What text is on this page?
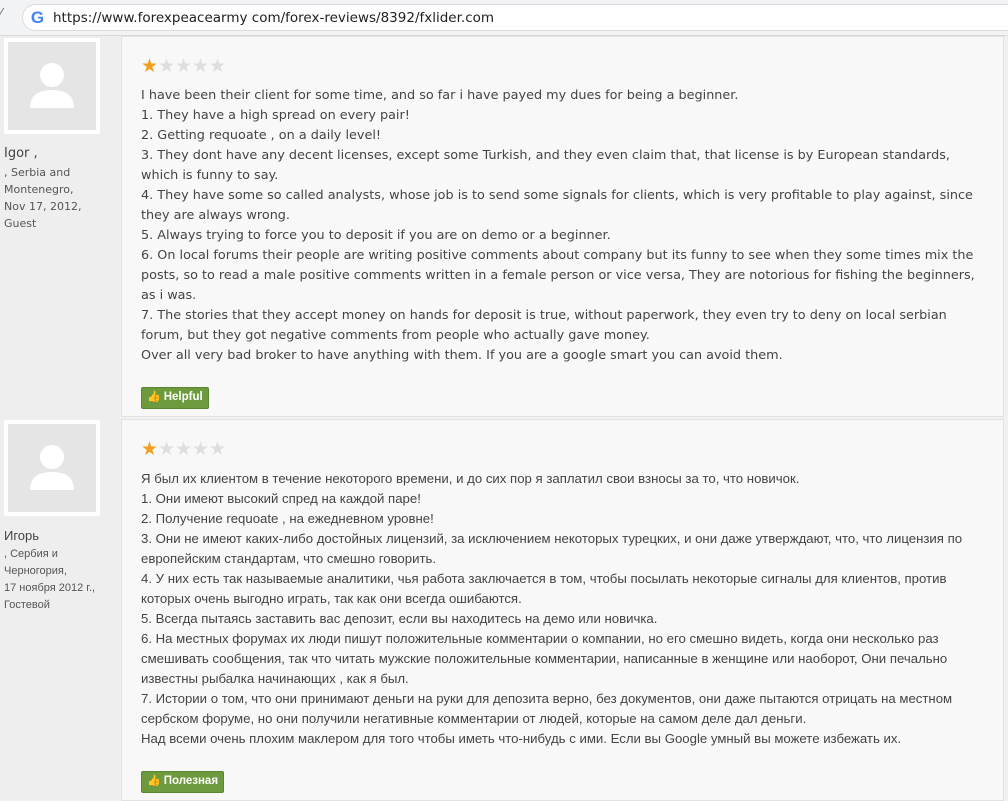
⁄ G https://www.forexpeacearmy com/forex-reviews/8392/fxlider.com
Igor ,
, Serbia and
Montenegro,
Nov 17, 2012,
Guest
★★★★★
I have been their client for some time, and so far i have payed my dues for being a beginner.
1. They have a high spread on every pair!
2. Getting requoate , on a daily level!
3. They dont have any decent licenses, except some Turkish, and they even claim that, that license is by European standards, which is funny to say.
4. They have some so called analysts, whose job is to send some signals for clients, which is very profitable to play against, since they are always wrong.
5. Always trying to force you to deposit if you are on demo or a beginner.
6. On local forums their people are writing positive comments about company but its funny to see when they some times mix the posts, so to read a male positive comments written in a female person or vice versa, They are notorious for fishing the beginners, as i was.
7. The stories that they accept money on hands for deposit is true, without paperwork, they even try to deny on local serbian forum, but they got negative comments from people who actually gave money.
Over all very bad broker to have anything with them. If you are a google smart you can avoid them.
👍 Helpful
Игорь
, Сербия и
Черногория,
17 ноября 2012 г.,
Гостевой
★★★★★
Я был их клиентом в течение некоторого времени, и до сих пор я заплатил свои взносы за то, что новичок.
1. Они имеют высокий спред на каждой паре!
2. Получение requoate , на ежедневном уровне!
3. Они не имеют каких-либо достойных лицензий, за исключением некоторых турецких, и они даже утверждают, что, что лицензия по европейским стандартам, что смешно говорить.
4. У них есть так называемые аналитики, чья работа заключается в том, чтобы посылать некоторые сигналы для клиентов, против которых очень выгодно играть, так как они всегда ошибаются.
5. Всегда пытаясь заставить вас депозит, если вы находитесь на демо или новичка.
6. На местных форумах их люди пишут положительные комментарии о компании, но его смешно видеть, когда они несколько раз смешивать сообщения, так что читать мужские положительные комментарии, написанные в женщине или наоборот, Они печально известны рыбалка начинающих , как я был.
7. Истории о том, что они принимают деньги на руки для депозита верно, без документов, они даже пытаются отрицать на местном сербском форуме, но они получили негативные комментарии от людей, которые на самом деле дал деньги.
Над всеми очень плохим маклером для того чтобы иметь что-нибудь с ими. Если вы Google умный вы можете избежать их.
👍 Полезная
